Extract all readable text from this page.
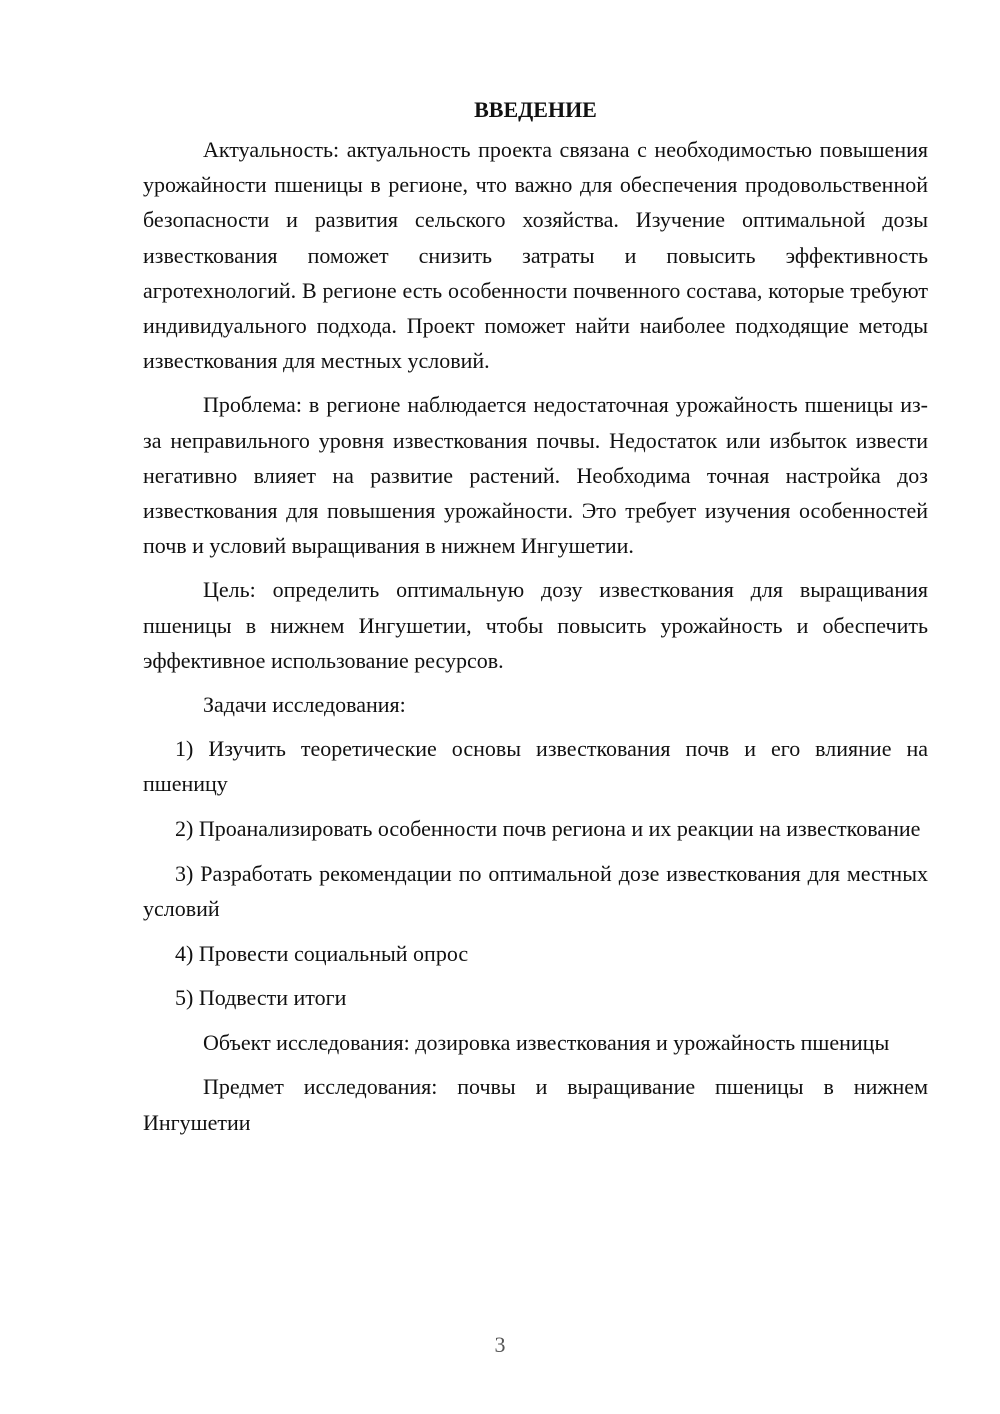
ВВЕДЕНИЕ

Актуальность: актуальность проекта связана с необходимостью повышения урожайности пшеницы в регионе, что важно для обеспечения продовольственной безопасности и развития сельского хозяйства. Изучение оптимальной дозы известкования поможет снизить затраты и повысить эффективность агротехнологий. В регионе есть особенности почвенного состава, которые требуют индивидуального подхода. Проект поможет найти наиболее подходящие методы известкования для местных условий.

Проблема: в регионе наблюдается недостаточная урожайность пшеницы из-за неправильного уровня известкования почвы. Недостаток или избыток извести негативно влияет на развитие растений. Необходима точная настройка доз известкования для повышения урожайности. Это требует изучения особенностей почв и условий выращивания в нижнем Ингушетии.

Цель: определить оптимальную дозу известкования для выращивания пшеницы в нижнем Ингушетии, чтобы повысить урожайность и обеспечить эффективное использование ресурсов.

Задачи исследования:

1) Изучить теоретические основы известкования почв и его влияние на пшеницу

2) Проанализировать особенности почв региона и их реакции на известкование

3) Разработать рекомендации по оптимальной дозе известкования для местных условий

4) Провести социальный опрос

5) Подвести итоги

Объект исследования: дозировка известкования и урожайность пшеницы

Предмет исследования: почвы и выращивание пшеницы в нижнем Ингушетии

3
